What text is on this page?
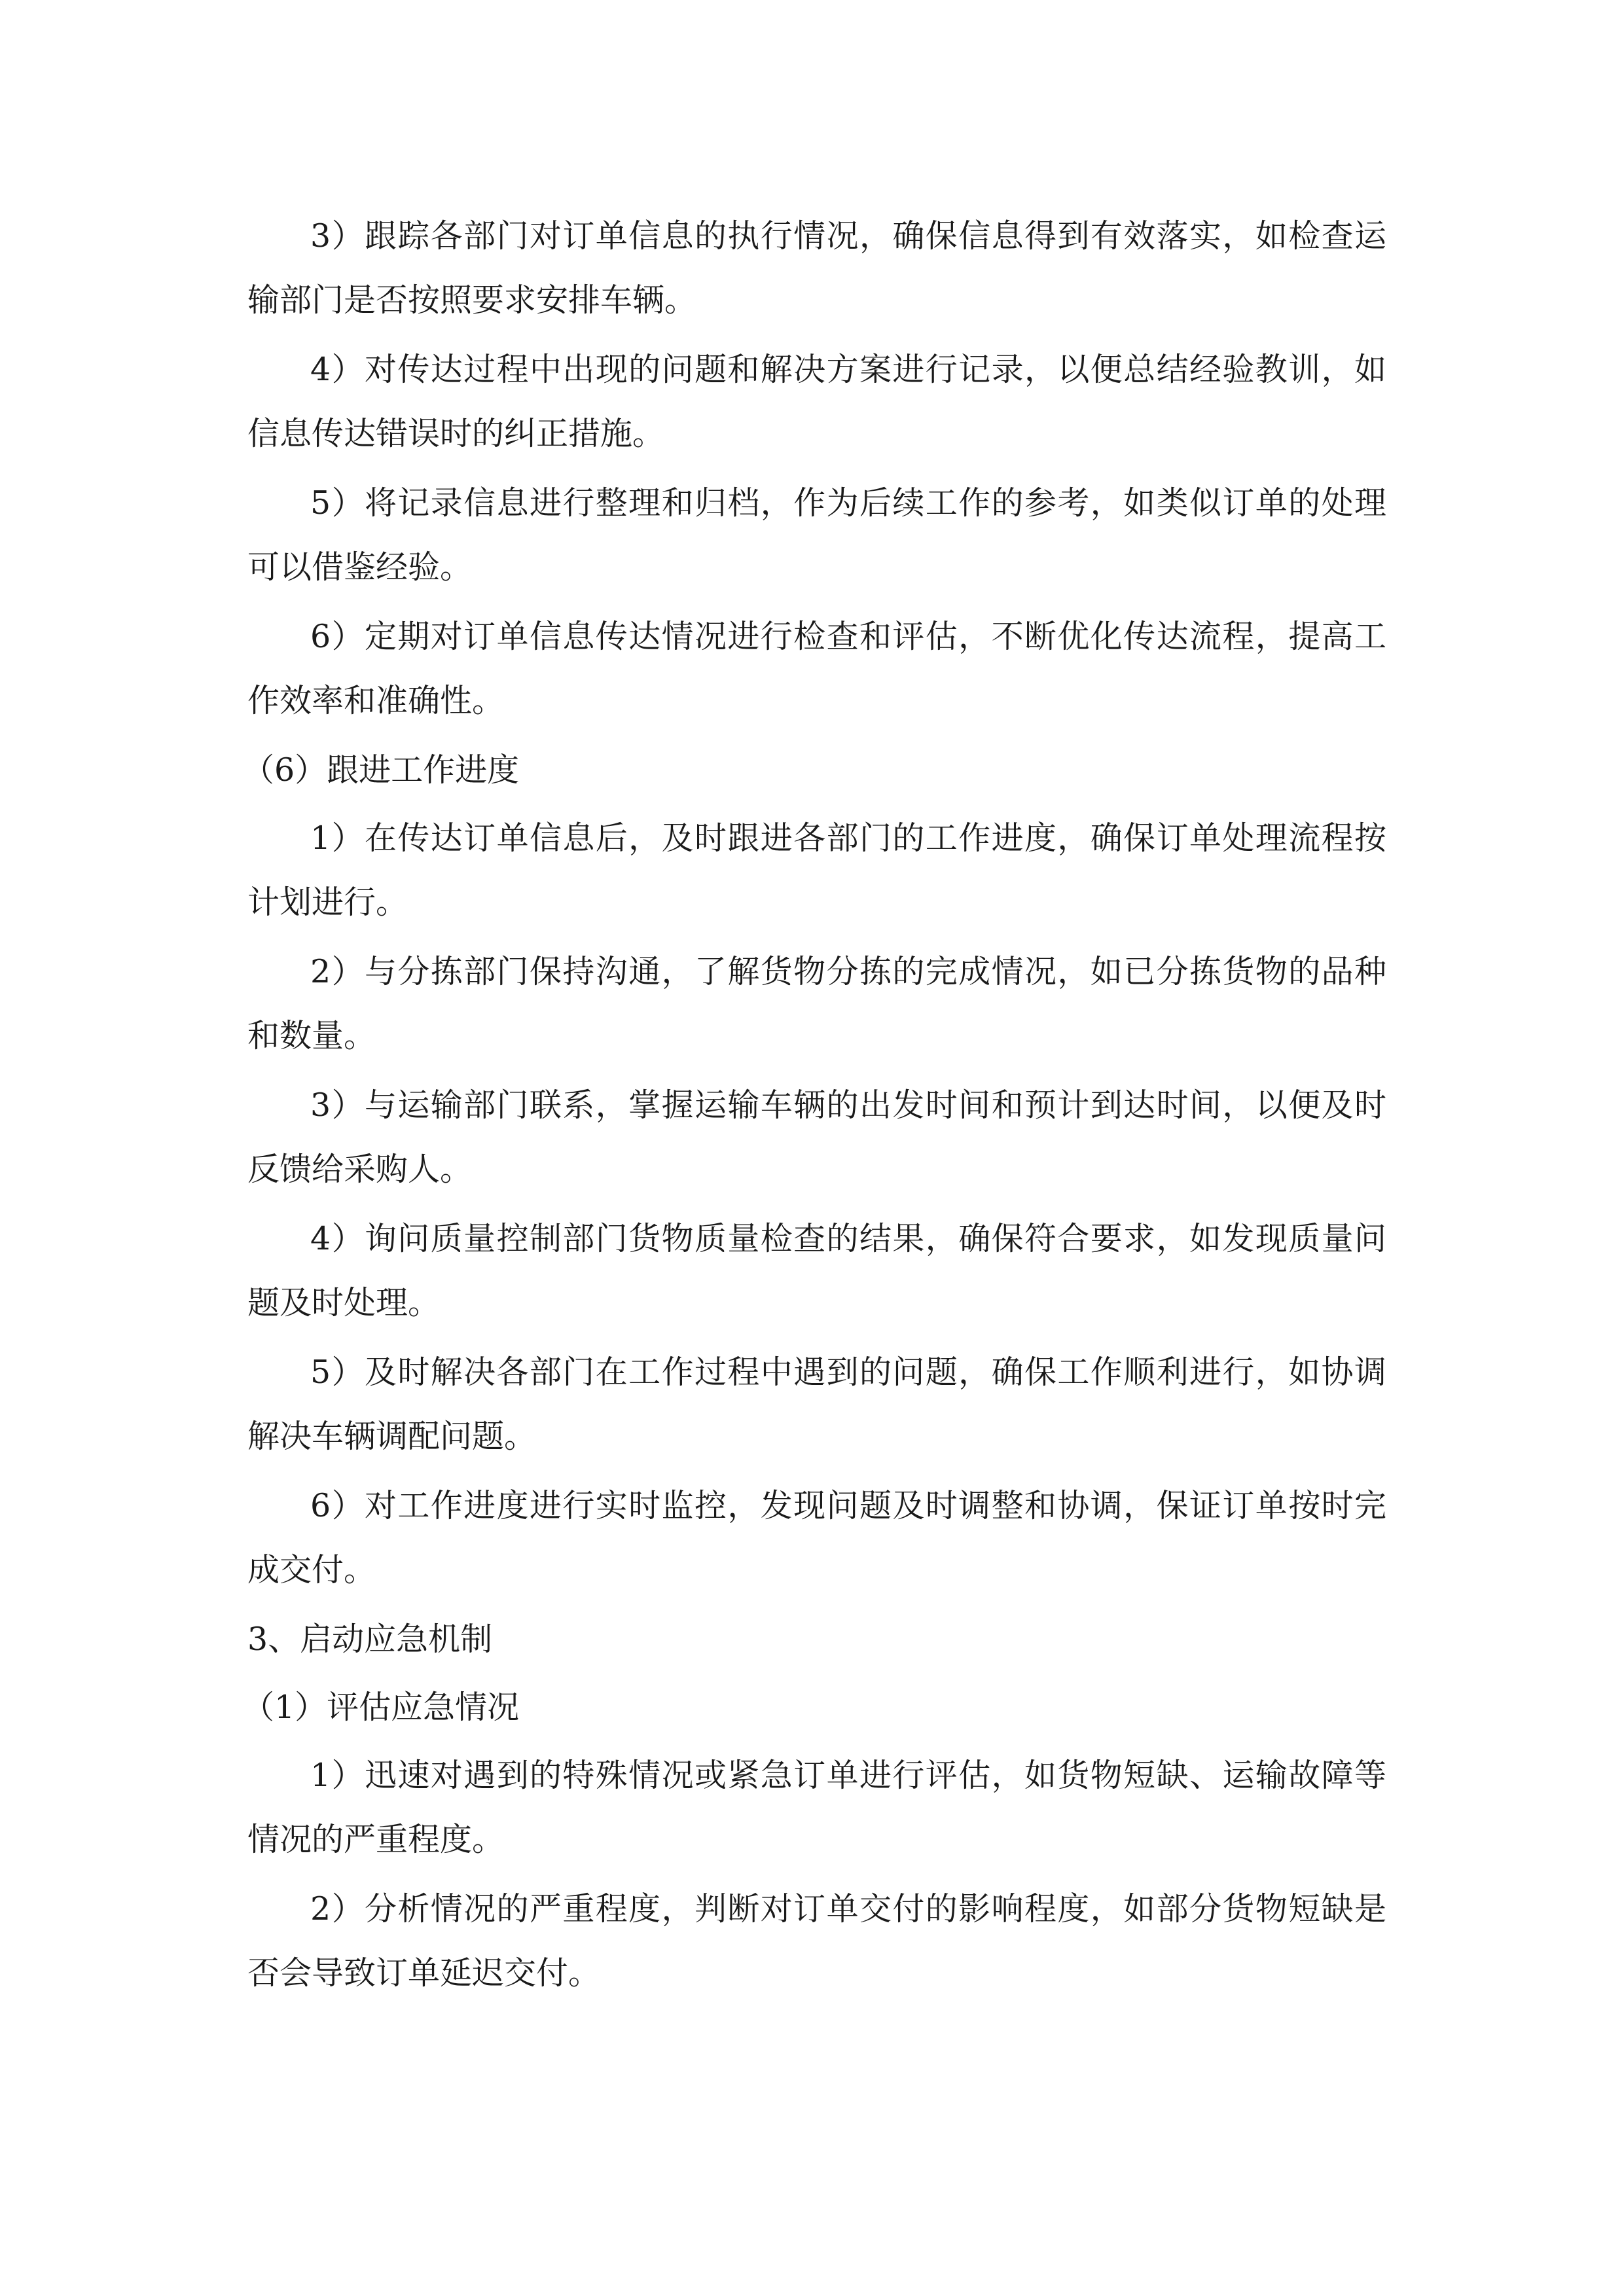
3）跟踪各部门对订单信息的执行情况，确保信息得到有效落实，如检查运输部门是否按照要求安排车辆。

4）对传达过程中出现的问题和解决方案进行记录，以便总结经验教训，如信息传达错误时的纠正措施。

5）将记录信息进行整理和归档，作为后续工作的参考，如类似订单的处理可以借鉴经验。

6）定期对订单信息传达情况进行检查和评估，不断优化传达流程，提高工作效率和准确性。

（6）跟进工作进度

1）在传达订单信息后，及时跟进各部门的工作进度，确保订单处理流程按计划进行。

2）与分拣部门保持沟通，了解货物分拣的完成情况，如已分拣货物的品种和数量。

3）与运输部门联系，掌握运输车辆的出发时间和预计到达时间，以便及时反馈给采购人。

4）询问质量控制部门货物质量检查的结果，确保符合要求，如发现质量问题及时处理。

5）及时解决各部门在工作过程中遇到的问题，确保工作顺利进行，如协调解决车辆调配问题。

6）对工作进度进行实时监控，发现问题及时调整和协调，保证订单按时完成交付。

3、启动应急机制

（1）评估应急情况

1）迅速对遇到的特殊情况或紧急订单进行评估，如货物短缺、运输故障等情况的严重程度。

2）分析情况的严重程度，判断对订单交付的影响程度，如部分货物短缺是否会导致订单延迟交付。
